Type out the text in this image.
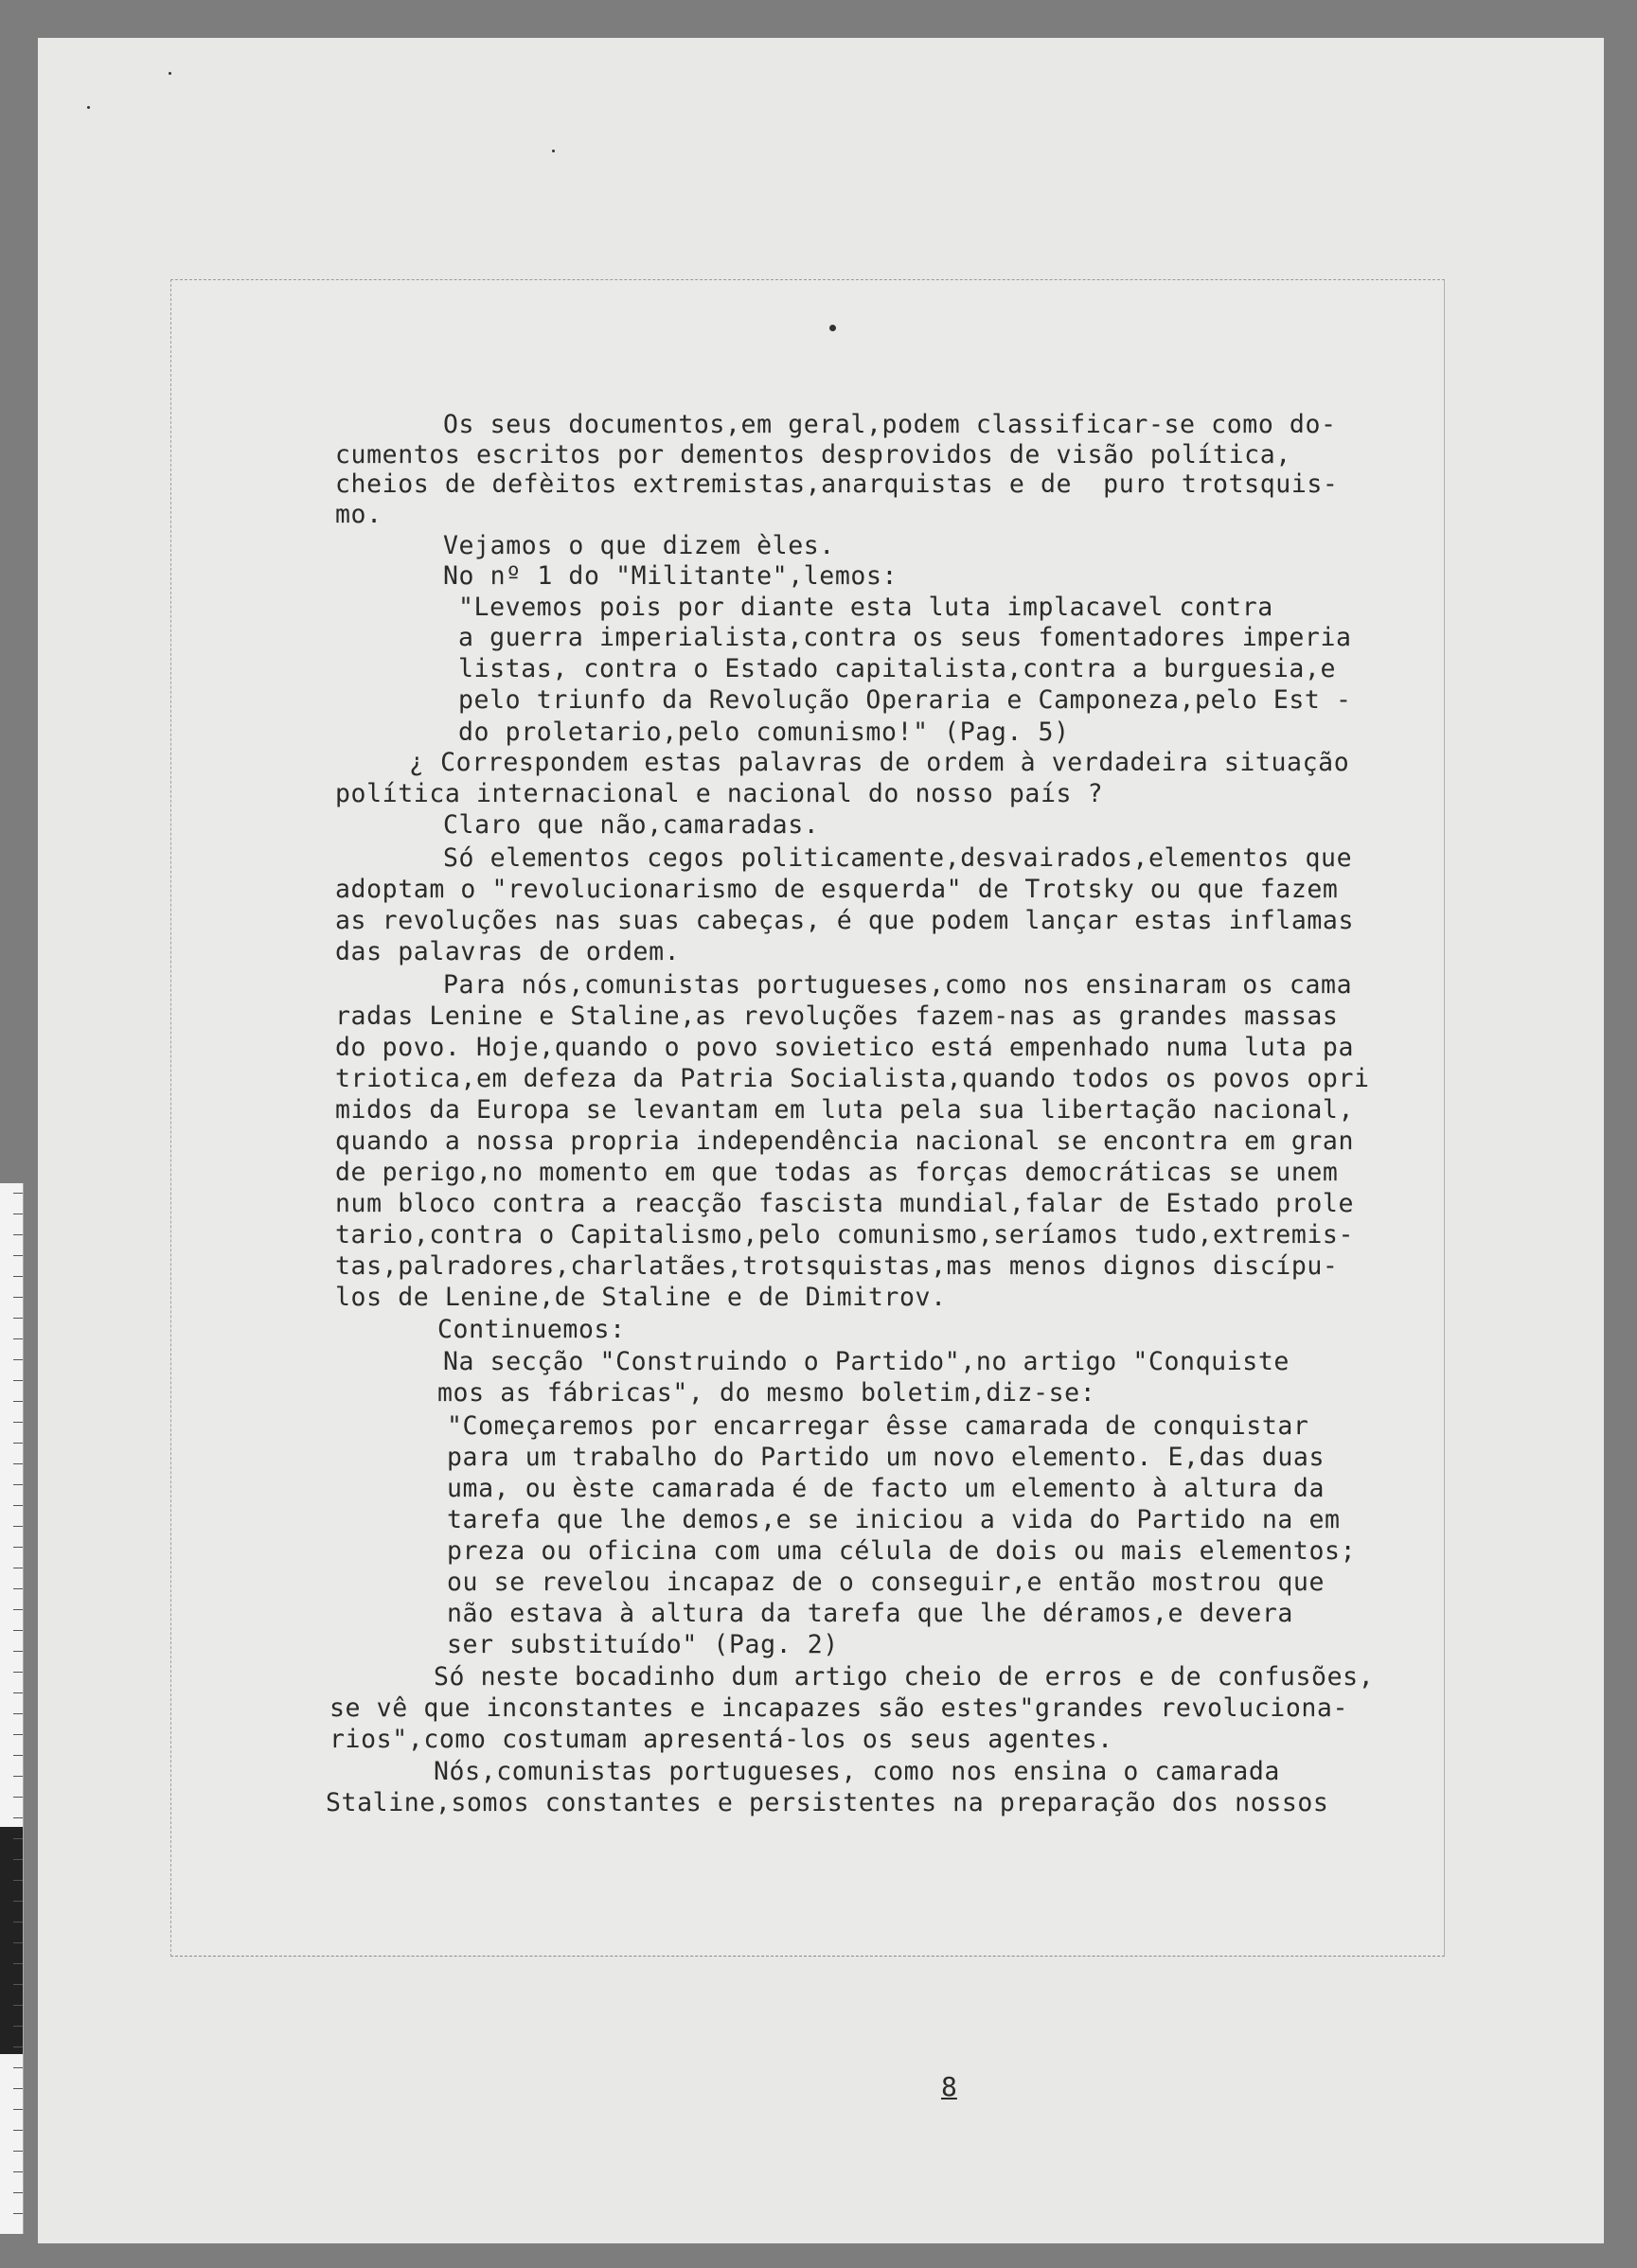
Os seus documentos,em geral,podem classificar-se como do-
cumentos escritos por dementos desprovidos de visão política,
cheios de defèitos extremistas,anarquistas e de  puro trotsquis-
mo.
Vejamos o que dizem èles.
No nº 1 do "Militante",lemos:
"Levemos pois por diante esta luta implacavel contra
a guerra imperialista,contra os seus fomentadores imperia
listas, contra o Estado capitalista,contra a burguesia,e
pelo triunfo da Revolução Operaria e Camponeza,pelo Est -
do proletario,pelo comunismo!" (Pag. 5)
¿ Correspondem estas palavras de ordem à verdadeira situação
política internacional e nacional do nosso país ?
Claro que não,camaradas.
Só elementos cegos politicamente,desvairados,elementos que
adoptam o "revolucionarismo de esquerda" de Trotsky ou que fazem
as revoluções nas suas cabeças, é que podem lançar estas inflamas
das palavras de ordem.
Para nós,comunistas portugueses,como nos ensinaram os cama
radas Lenine e Staline,as revoluções fazem-nas as grandes massas
do povo. Hoje,quando o povo sovietico está empenhado numa luta pa
triotica,em defeza da Patria Socialista,quando todos os povos opri
midos da Europa se levantam em luta pela sua libertação nacional,
quando a nossa propria independência nacional se encontra em gran
de perigo,no momento em que todas as forças democráticas se unem
num bloco contra a reacção fascista mundial,falar de Estado prole
tario,contra o Capitalismo,pelo comunismo,seríamos tudo,extremis-
tas,palradores,charlatães,trotsquistas,mas menos dignos discípu-
los de Lenine,de Staline e de Dimitrov.
Continuemos:
Na secção "Construindo o Partido",no artigo "Conquiste
mos as fábricas", do mesmo boletim,diz-se:
"Começaremos por encarregar êsse camarada de conquistar
para um trabalho do Partido um novo elemento. E,das duas
uma, ou èste camarada é de facto um elemento à altura da
tarefa que lhe demos,e se iniciou a vida do Partido na em
preza ou oficina com uma célula de dois ou mais elementos;
ou se revelou incapaz de o conseguir,e então mostrou que
não estava à altura da tarefa que lhe déramos,e devera
ser substituído" (Pag. 2)
Só neste bocadinho dum artigo cheio de erros e de confusões,
se vê que inconstantes e incapazes são estes"grandes revoluciona-
rios",como costumam apresentá-los os seus agentes.
Nós,comunistas portugueses, como nos ensina o camarada
Staline,somos constantes e persistentes na preparação dos nossos
8
